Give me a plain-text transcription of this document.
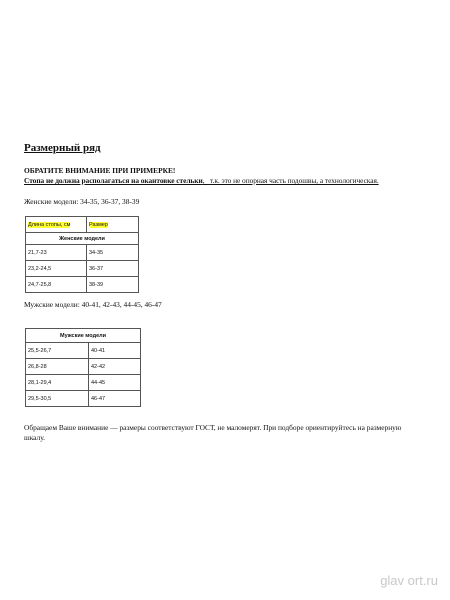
Размерный ряд
ОБРАТИТЕ ВНИМАНИЕ ПРИ ПРИМЕРКЕ!
Стопа не должна располагаться на окантовке стельки,   т.к. это не опорная часть подошвы, а технологическая.
Женские модели: 34-35, 36-37, 38-39
Длина стопы, см		Размер
Женские модели		
21,7-23		34-35
23,2-24,5		36-37
24,7-25,8		38-39
Мужские модели: 40-41, 42-43, 44-45, 46-47
Мужские модели	
25,5-26,7	40-41
26,8-28	42-42
28,1-29,4	44-45
29,5-30,5	46-47
Обращаем Ваше внимание — размеры соответствуют ГОСТ, не маломерят. При подборе ориентируйтесь на размерную шкалу.
glav ort.ru
